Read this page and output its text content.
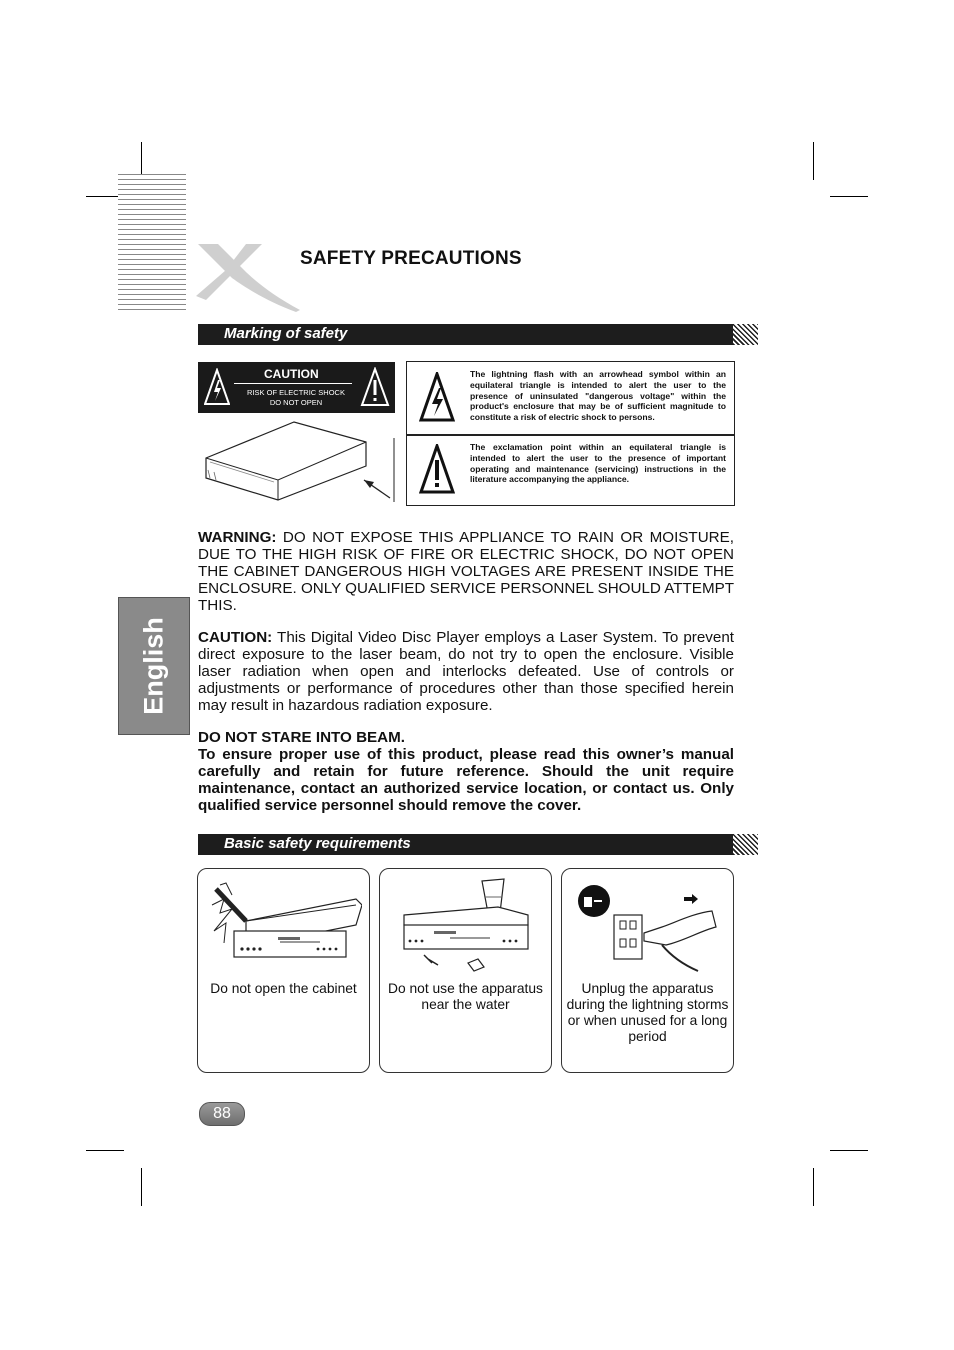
SAFETY PRECAUTIONS
English
Marking of safety
CAUTION
RISK OF ELECTRIC SHOCK
DO NOT OPEN
The lightning flash with an arrowhead symbol within an equilateral triangle is intended to alert the user to the presence of uninsulated "dangerous voltage" within the product's enclosure that may be of sufficient magnitude to constitute a risk of electric shock to persons.
The exclamation point within an equilateral triangle is intended to alert the user to the presence of important operating and maintenance (servicing) instructions in the literature accompanying the appliance.
WARNING: DO NOT EXPOSE THIS APPLIANCE TO RAIN OR MOISTURE, DUE TO THE HIGH RISK OF FIRE OR ELECTRIC SHOCK, DO NOT OPEN THE CABINET DANGEROUS HIGH VOLTAGES ARE PRESENT INSIDE THE ENCLOSURE. ONLY QUALIFIED SERVICE PERSONNEL SHOULD ATTEMPT THIS.
CAUTION: This Digital Video Disc Player employs a Laser System. To prevent direct exposure to the laser beam, do not try to open the enclosure. Visible laser radiation when open and interlocks defeated. Use of controls or adjustments or performance of procedures other than those specified herein may result in hazardous radiation exposure.
DO NOT STARE INTO BEAM.
To ensure proper use of this product, please read this owner’s manual carefully and retain for future reference. Should the unit require maintenance, contact an authorized service location, or contact us. Only qualified service personnel should remove the cover.
Basic safety requirements
Do not open the cabinet	Do not use the apparatus near the water
Unplug the apparatus during the lightning storms or when unused for a long period
88
